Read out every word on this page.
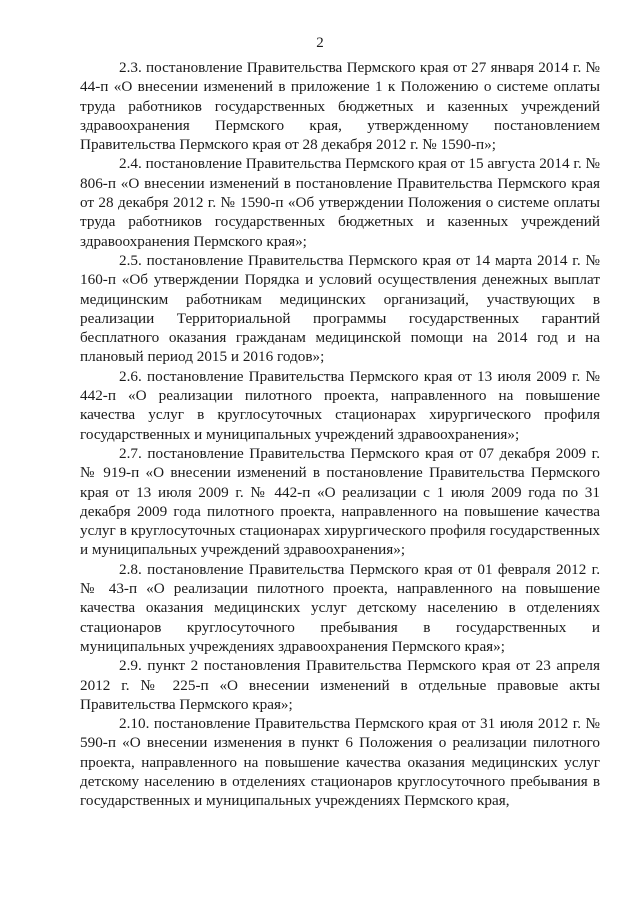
2

2.3. постановление Правительства Пермского края от 27 января 2014 г. № 44-п «О внесении изменений в приложение 1 к Положению о системе оплаты труда работников государственных бюджетных и казенных учреждений здравоохранения Пермского края, утвержденному постановлением Правительства Пермского края от 28 декабря 2012 г. № 1590-п»;

2.4. постановление Правительства Пермского края от 15 августа 2014 г. № 806-п «О внесении изменений в постановление Правительства Пермского края от 28 декабря 2012 г. № 1590-п «Об утверждении Положения о системе оплаты труда работников государственных бюджетных и казенных учреждений здравоохранения Пермского края»;

2.5. постановление Правительства Пермского края от 14 марта 2014 г. № 160-п «Об утверждении Порядка и условий осуществления денежных выплат медицинским работникам медицинских организаций, участвующих в реализации Территориальной программы государственных гарантий бесплатного оказания гражданам медицинской помощи на 2014 год и на плановый период 2015 и 2016 годов»;

2.6. постановление Правительства Пермского края от 13 июля 2009 г. № 442-п «О реализации пилотного проекта, направленного на повышение качества услуг в круглосуточных стационарах хирургического профиля государственных и муниципальных учреждений здравоохранения»;

2.7. постановление Правительства Пермского края от 07 декабря 2009 г. № 919-п «О внесении изменений в постановление Правительства Пермского края от 13 июля 2009 г. № 442-п «О реализации с 1 июля 2009 года по 31 декабря 2009 года пилотного проекта, направленного на повышение качества услуг в круглосуточных стационарах хирургического профиля государственных и муниципальных учреждений здравоохранения»;

2.8. постановление Правительства Пермского края от 01 февраля 2012 г. № 43-п «О реализации пилотного проекта, направленного на повышение качества оказания медицинских услуг детскому населению в отделениях стационаров круглосуточного пребывания в государственных и муниципальных учреждениях здравоохранения Пермского края»;

2.9. пункт 2 постановления Правительства Пермского края от 23 апреля 2012 г. № 225-п «О внесении изменений в отдельные правовые акты Правительства Пермского края»;

2.10. постановление Правительства Пермского края от 31 июля 2012 г. № 590-п «О внесении изменения в пункт 6 Положения о реализации пилотного проекта, направленного на повышение качества оказания медицинских услуг детскому населению в отделениях стационаров круглосуточного пребывания в государственных и муниципальных учреждениях Пермского края,
